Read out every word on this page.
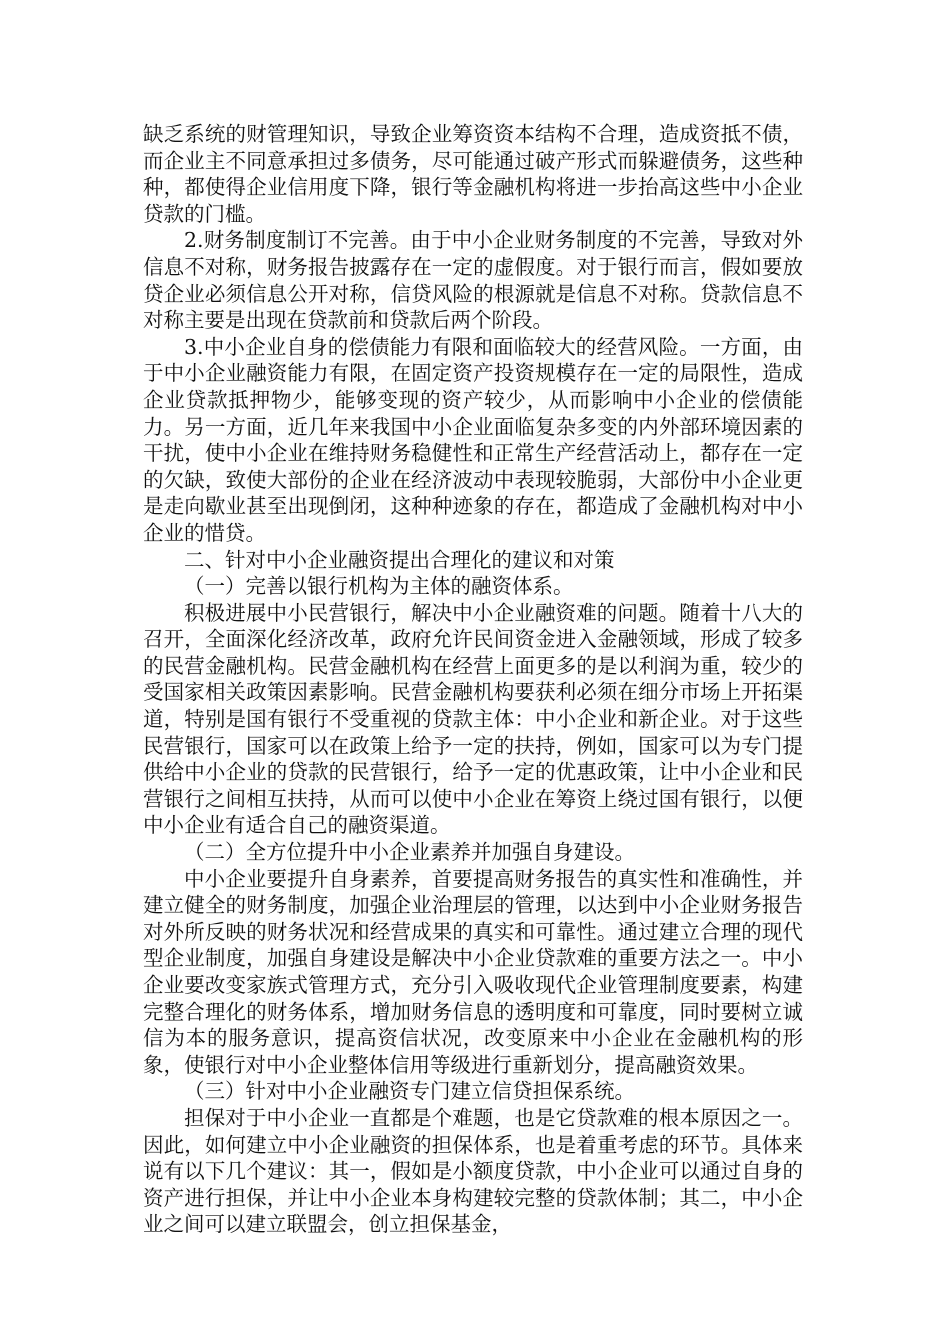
缺乏系统的财管理知识，导致企业筹资资本结构不合理，造成资抵不债，而企业主不同意承担过多债务，尽可能通过破产形式而躲避债务，这些种种，都使得企业信用度下降，银行等金融机构将进一步抬高这些中小企业贷款的门槛。

2.财务制度制订不完善。由于中小企业财务制度的不完善，导致对外信息不对称，财务报告披露存在一定的虚假度。对于银行而言，假如要放贷企业必须信息公开对称，信贷风险的根源就是信息不对称。贷款信息不对称主要是出现在贷款前和贷款后两个阶段。

3.中小企业自身的偿债能力有限和面临较大的经营风险。一方面，由于中小企业融资能力有限，在固定资产投资规模存在一定的局限性，造成企业贷款抵押物少，能够变现的资产较少，从而影响中小企业的偿债能力。另一方面，近几年来我国中小企业面临复杂多变的内外部环境因素的干扰，使中小企业在维持财务稳健性和正常生产经营活动上，都存在一定的欠缺，致使大部份的企业在经济波动中表现较脆弱，大部份中小企业更是走向歇业甚至出现倒闭，这种种迹象的存在，都造成了金融机构对中小企业的惜贷。

二、针对中小企业融资提出合理化的建议和对策

（一）完善以银行机构为主体的融资体系。

积极进展中小民营银行，解决中小企业融资难的问题。随着十八大的召开，全面深化经济改革，政府允许民间资金进入金融领域，形成了较多的民营金融机构。民营金融机构在经营上面更多的是以利润为重，较少的受国家相关政策因素影响。民营金融机构要获利必须在细分市场上开拓渠道，特别是国有银行不受重视的贷款主体：中小企业和新企业。对于这些民营银行，国家可以在政策上给予一定的扶持，例如，国家可以为专门提供给中小企业的贷款的民营银行，给予一定的优惠政策，让中小企业和民营银行之间相互扶持，从而可以使中小企业在筹资上绕过国有银行，以便中小企业有适合自己的融资渠道。

（二）全方位提升中小企业素养并加强自身建设。

中小企业要提升自身素养，首要提高财务报告的真实性和准确性，并建立健全的财务制度，加强企业治理层的管理，以达到中小企业财务报告对外所反映的财务状况和经营成果的真实和可靠性。通过建立合理的现代型企业制度，加强自身建设是解决中小企业贷款难的重要方法之一。中小企业要改变家族式管理方式，充分引入吸收现代企业管理制度要素，构建完整合理化的财务体系，增加财务信息的透明度和可靠度，同时要树立诚信为本的服务意识，提高资信状况，改变原来中小企业在金融机构的形象，使银行对中小企业整体信用等级进行重新划分，提高融资效果。

（三）针对中小企业融资专门建立信贷担保系统。

担保对于中小企业一直都是个难题，也是它贷款难的根本原因之一。因此，如何建立中小企业融资的担保体系，也是着重考虑的环节。具体来说有以下几个建议：其一，假如是小额度贷款，中小企业可以通过自身的资产进行担保，并让中小企业本身构建较完整的贷款体制；其二，中小企业之间可以建立联盟会，创立担保基金，
